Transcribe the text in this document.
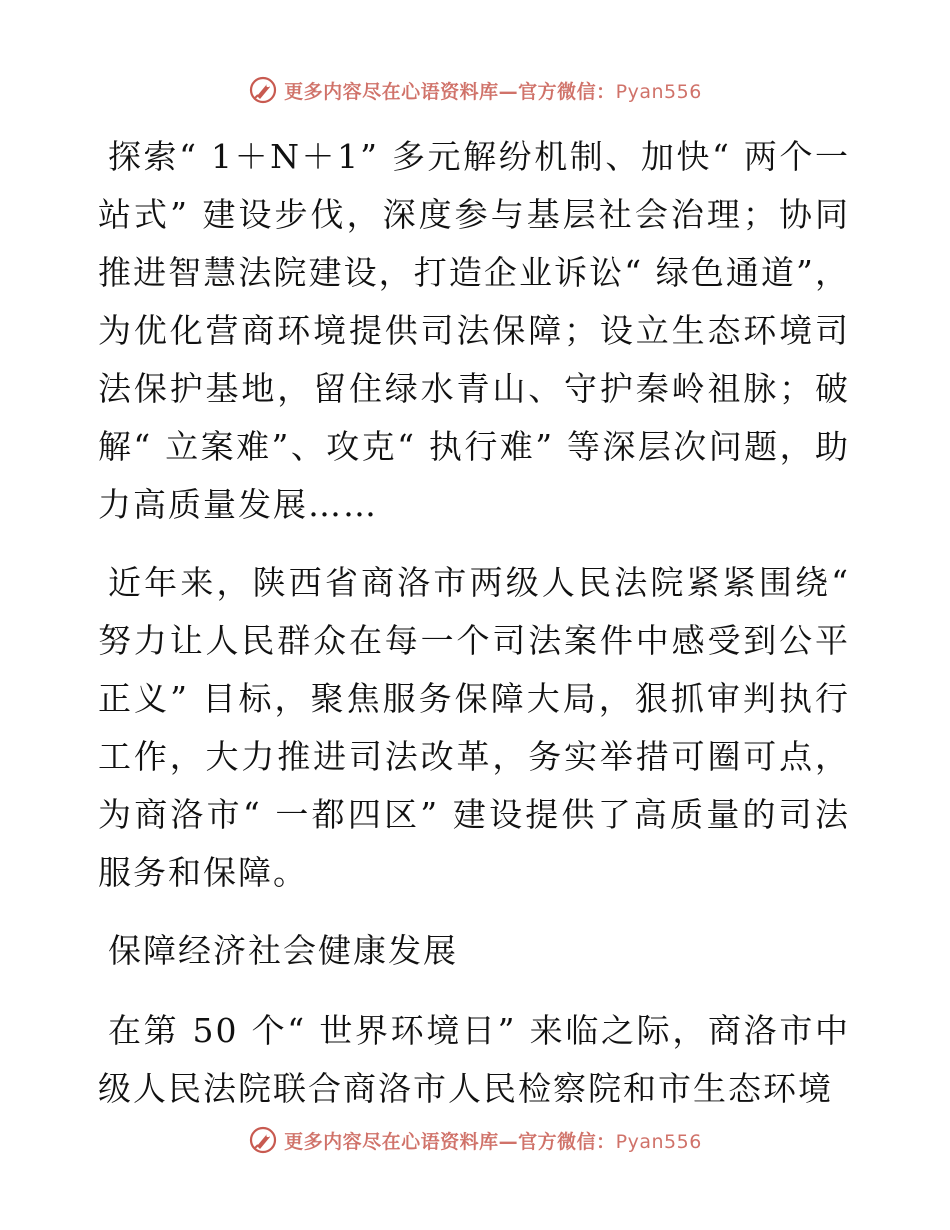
更多内容尽在心语资料库—官方微信：Pyan556

探索“ 1＋N＋1” 多元解纷机制、加快“ 两个一站式” 建设步伐，深度参与基层社会治理；协同推进智慧法院建设，打造企业诉讼“ 绿色通道”，为优化营商环境提供司法保障；设立生态环境司法保护基地，留住绿水青山、守护秦岭祖脉；破解“ 立案难”、攻克“ 执行难” 等深层次问题，助力高质量发展……

近年来，陕西省商洛市两级人民法院紧紧围绕“ 努力让人民群众在每一个司法案件中感受到公平正义” 目标，聚焦服务保障大局，狠抓审判执行工作，大力推进司法改革，务实举措可圈可点，为商洛市“ 一都四区” 建设提供了高质量的司法服务和保障。

保障经济社会健康发展

在第 50 个“ 世界环境日” 来临之际，商洛市中级人民法院联合商洛市人民检察院和市生态环境

更多内容尽在心语资料库—官方微信：Pyan556
